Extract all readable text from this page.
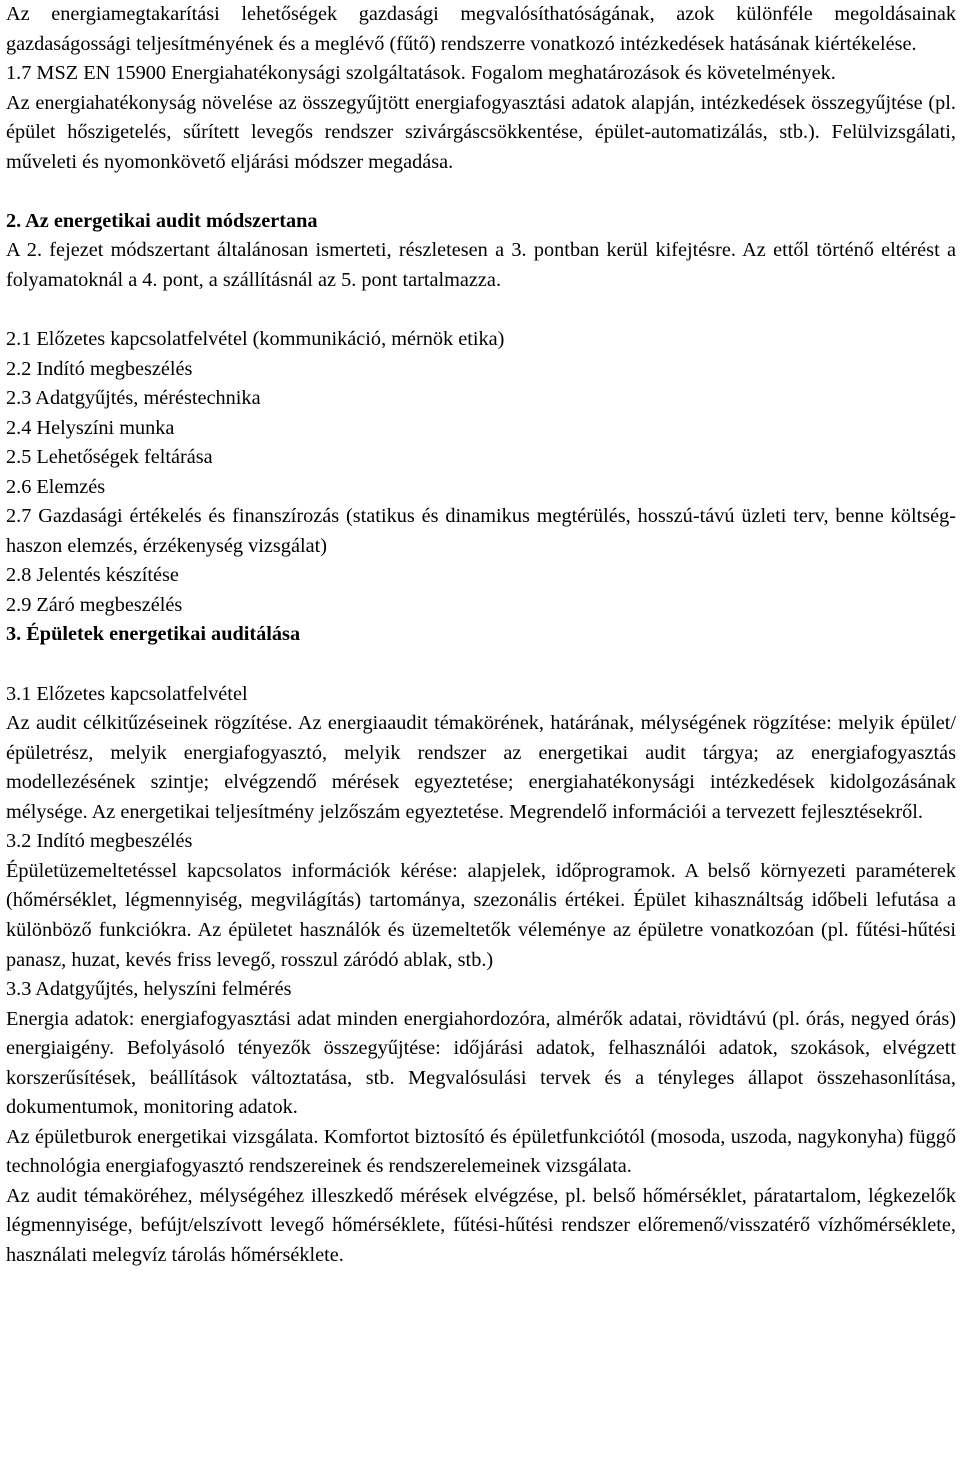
Az energiamegtakarítási lehetőségek gazdasági megvalósíthatóságának, azok különféle megoldásainak gazdaságossági teljesítményének és a meglévő (fűtő) rendszerre vonatkozó intézkedések hatásának kiértékelése.

1.7 MSZ EN 15900 Energiahatékonysági szolgáltatások. Fogalom meghatározások és követelmények.

Az energiahatékonyság növelése az összegyűjtött energiafogyasztási adatok alapján, intézkedések összegyűjtése (pl. épület hőszigetelés, sűrített levegős rendszer szivárgáscsökkentése, épület-automatizálás, stb.). Felülvizsgálati, műveleti és nyomonkövető eljárási módszer megadása.

2. Az energetikai audit módszertana

A 2. fejezet módszertant általánosan ismerteti, részletesen a 3. pontban kerül kifejtésre. Az ettől történő eltérést a folyamatoknál a 4. pont, a szállításnál az 5. pont tartalmazza.

2.1 Előzetes kapcsolatfelvétel (kommunikáció, mérnök etika)

2.2 Indító megbeszélés

2.3 Adatgyűjtés, méréstechnika

2.4 Helyszíni munka

2.5 Lehetőségek feltárása

2.6 Elemzés

2.7 Gazdasági értékelés és finanszírozás (statikus és dinamikus megtérülés, hosszú-távú üzleti terv, benne költség-haszon elemzés, érzékenység vizsgálat)

2.8 Jelentés készítése

2.9 Záró megbeszélés

3. Épületek energetikai auditálása

3.1 Előzetes kapcsolatfelvétel

Az audit célkitűzéseinek rögzítése. Az energiaaudit témakörének, határának, mélységének rögzítése: melyik épület/épületrész, melyik energiafogyasztó, melyik rendszer az energetikai audit tárgya; az energiafogyasztás modellezésének szintje; elvégzendő mérések egyeztetése; energiahatékonysági intézkedések kidolgozásának mélysége. Az energetikai teljesítmény jelzőszám egyeztetése. Megrendelő információi a tervezett fejlesztésekről.

3.2 Indító megbeszélés

Épületüzemeltetéssel kapcsolatos információk kérése: alapjelek, időprogramok. A belső környezeti paraméterek (hőmérséklet, légmennyiség, megvilágítás) tartománya, szezonális értékei. Épület kihasználtság időbeli lefutása a különböző funkciókra. Az épületet használók és üzemeltetők véleménye az épületre vonatkozóan (pl. fűtési-hűtési panasz, huzat, kevés friss levegő, rosszul záródó ablak, stb.)

3.3 Adatgyűjtés, helyszíni felmérés

Energia adatok: energiafogyasztási adat minden energiahordozóra, almérők adatai, rövidtávú (pl. órás, negyed órás) energiaigény. Befolyásoló tényezők összegyűjtése: időjárási adatok, felhasználói adatok, szokások, elvégzett korszerűsítések, beállítások változtatása, stb. Megvalósulási tervek és a tényleges állapot összehasonlítása, dokumentumok, monitoring adatok.

Az épületburok energetikai vizsgálata. Komfortot biztosító és épületfunkciótól (mosoda, uszoda, nagykonyha) függő technológia energiafogyasztó rendszereinek és rendszerelemeinek vizsgálata.

Az audit témaköréhez, mélységéhez illeszkedő mérések elvégzése, pl. belső hőmérséklet, páratartalom, légkezelők légmennyisége, befújt/elszívott levegő hőmérséklete, fűtési-hűtési rendszer előremenő/visszatérő vízhőmérséklete, használati melegvíz tárolás hőmérséklete.
